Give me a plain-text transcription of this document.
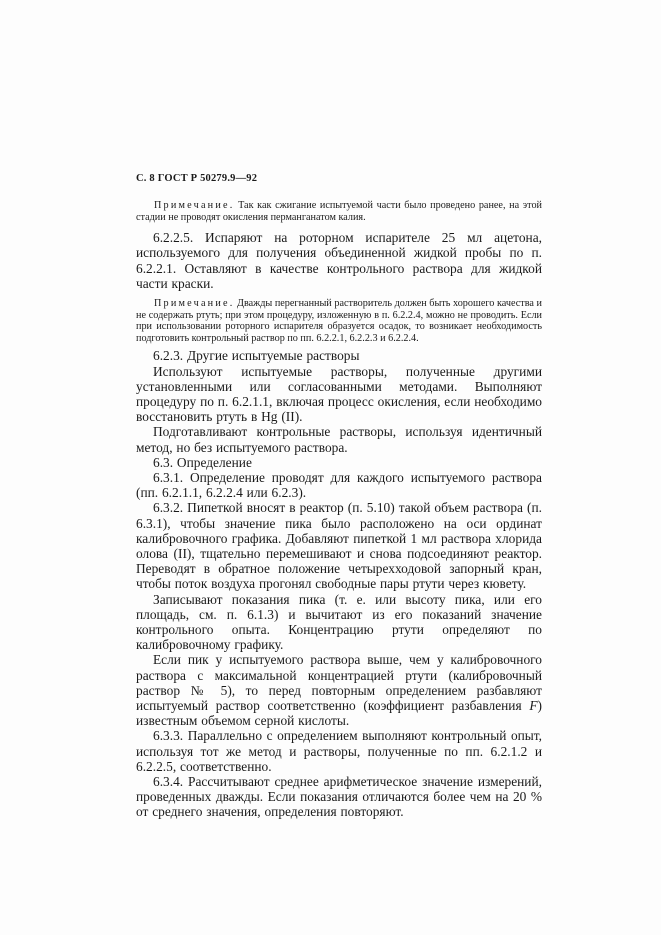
С. 8 ГОСТ Р 50279.9—92

Примечание. Так как сжигание испытуемой части было проведено ранее, на этой стадии не проводят окисления перманганатом калия.

6.2.2.5. Испаряют на роторном испарителе 25 мл ацетона, используемого для получения объединенной жидкой пробы по п. 6.2.2.1. Оставляют в качестве контрольного раствора для жидкой части краски.

Примечание. Дважды перегнанный растворитель должен быть хорошего качества и не содержать ртуть; при этом процедуру, изложенную в п. 6.2.2.4, можно не проводить. Если при использовании роторного испарителя образуется осадок, то возникает необходимость подготовить контрольный раствор по пп. 6.2.2.1, 6.2.2.3 и 6.2.2.4.

6.2.3. Другие испытуемые растворы

Используют испытуемые растворы, полученные другими установленными или согласованными методами. Выполняют процедуру по п. 6.2.1.1, включая процесс окисления, если необходимо восстановить ртуть в Hg (II).

Подготавливают контрольные растворы, используя идентичный метод, но без испытуемого раствора.

6.3. Определение

6.3.1. Определение проводят для каждого испытуемого раствора (пп. 6.2.1.1, 6.2.2.4 или 6.2.3).

6.3.2. Пипеткой вносят в реактор (п. 5.10) такой объем раствора (п. 6.3.1), чтобы значение пика было расположено на оси ординат калибровочного графика. Добавляют пипеткой 1 мл раствора хлорида олова (II), тщательно перемешивают и снова подсоединяют реактор. Переводят в обратное положение четырехходовой запорный кран, чтобы поток воздуха прогонял свободные пары ртути через кювету.

Записывают показания пика (т. е. или высоту пика, или его площадь, см. п. 6.1.3) и вычитают из его показаний значение контрольного опыта. Концентрацию ртути определяют по калибровочному графику.

Если пик у испытуемого раствора выше, чем у калибровочного раствора с максимальной концентрацией ртути (калибровочный раствор № 5), то перед повторным определением разбавляют испытуемый раствор соответственно (коэффициент разбавления F) известным объемом серной кислоты.

6.3.3. Параллельно с определением выполняют контрольный опыт, используя тот же метод и растворы, полученные по пп. 6.2.1.2 и 6.2.2.5, соответственно.

6.3.4. Рассчитывают среднее арифметическое значение измерений, проведенных дважды. Если показания отличаются более чем на 20 % от среднего значения, определения повторяют.
